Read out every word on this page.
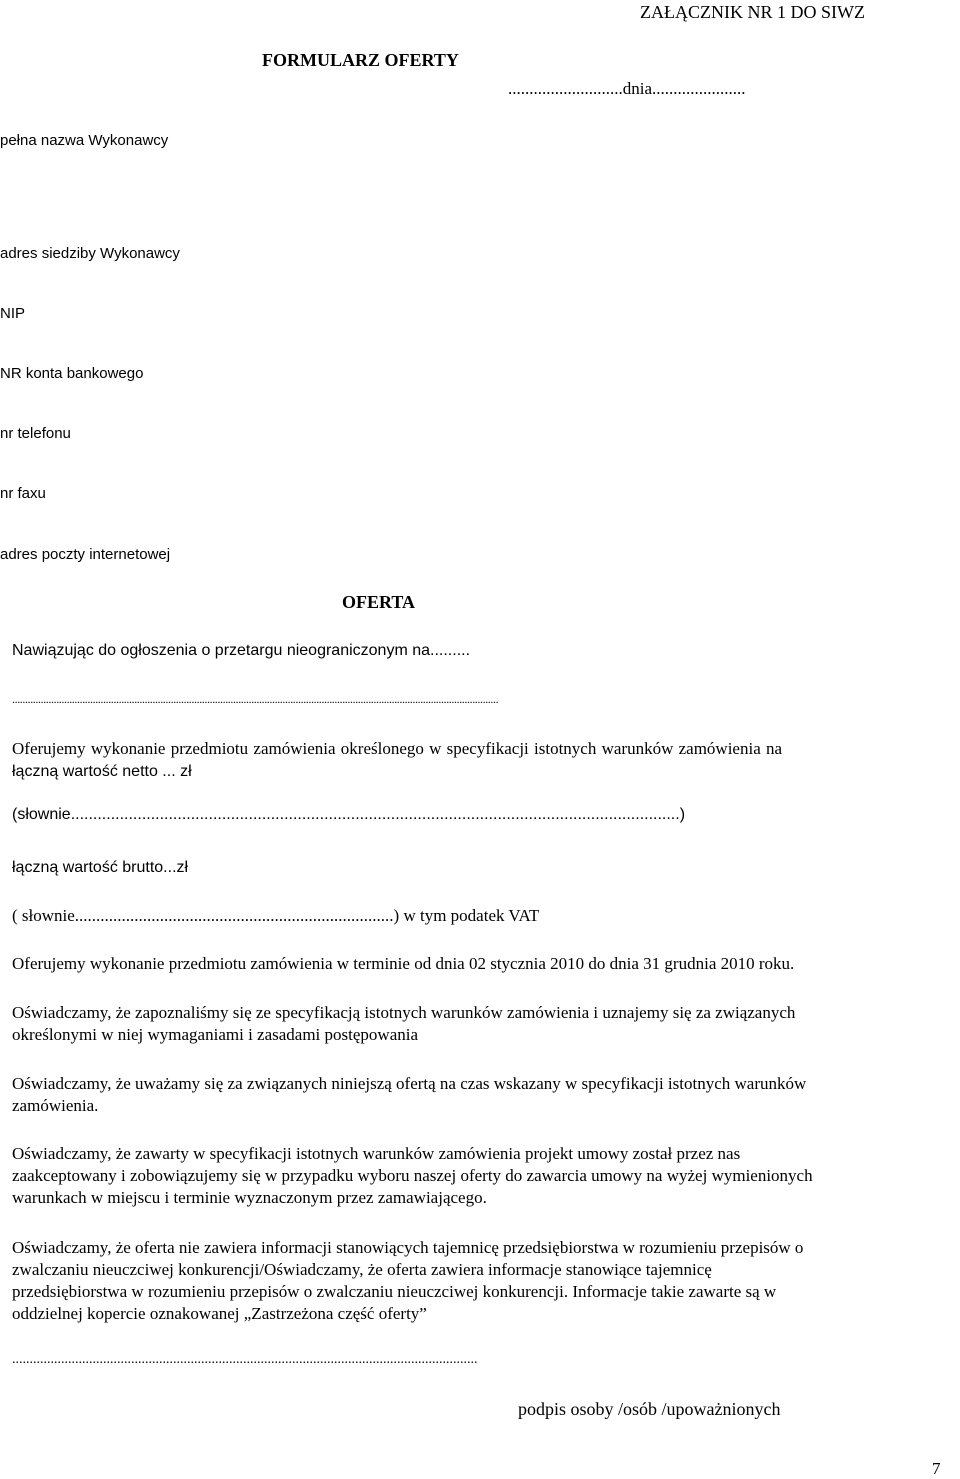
ZAŁĄCZNIK NR 1 DO SIWZ
FORMULARZ OFERTY
...........................dnia......................
pełna nazwa Wykonawcy
adres siedziby Wykonawcy
NIP
NR konta bankowego
nr telefonu
nr faxu
adres poczty internetowej
OFERTA
Nawiązując do ogłoszenia o przetargu nieograniczonym na.........
...........................................................................................................................................................................................
Oferujemy wykonanie przedmiotu zamówienia określonego w specyfikacji istotnych warunków zamówienia na
łączną wartość netto ... zł
(słownie.........................................................................................................................................)
łączną wartość brutto...zł
( słownie...........................................................................) w tym podatek VAT
Oferujemy wykonanie przedmiotu zamówienia w terminie od dnia 02 stycznia 2010 do dnia 31 grudnia 2010 roku.
Oświadczamy, że zapoznaliśmy się ze specyfikacją istotnych warunków zamówienia i uznajemy się za związanych
określonymi w niej wymaganiami i zasadami postępowania
Oświadczamy, że uważamy się za związanych niniejszą ofertą na czas wskazany w specyfikacji istotnych warunków
zamówienia.
Oświadczamy, że zawarty w specyfikacji istotnych warunków zamówienia projekt umowy został przez nas
zaakceptowany i zobowiązujemy się w przypadku wyboru naszej oferty do zawarcia umowy na wyżej wymienionych
warunkach w miejscu i terminie wyznaczonym przez zamawiającego.
Oświadczamy, że oferta nie zawiera informacji stanowiących tajemnicę przedsiębiorstwa w rozumieniu przepisów o
zwalczaniu nieuczciwej konkurencji/Oświadczamy, że oferta zawiera informacje stanowiące tajemnicę
przedsiębiorstwa w rozumieniu przepisów o zwalczaniu nieuczciwej konkurencji. Informacje takie zawarte są w
oddzielnej kopercie oznakowanej „Zastrzeżona część oferty”
.....................................................................................................................................
podpis osoby /osób /upoważnionych
7
